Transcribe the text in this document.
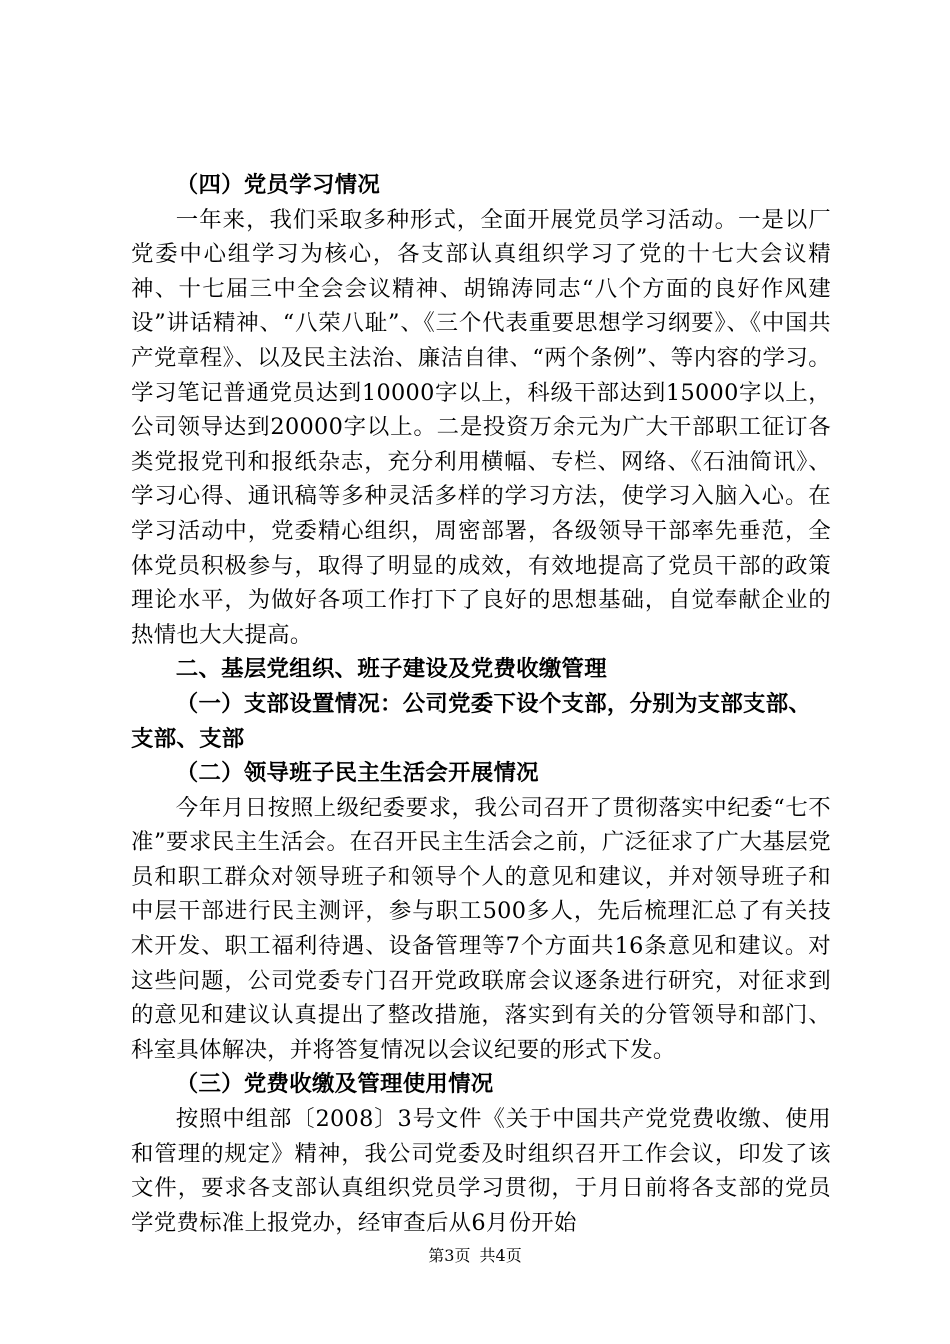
（四）党员学习情况

一年来，我们采取多种形式，全面开展党员学习活动。一是以厂党委中心组学习为核心，各支部认真组织学习了党的十七大会议精神、十七届三中全会会议精神、胡锦涛同志“八个方面的良好作风建设”讲话精神、“八荣八耻”、《三个代表重要思想学习纲要》、《中国共产党章程》、以及民主法治、廉洁自律、“两个条例”、等内容的学习。学习笔记普通党员达到10000字以上，科级干部达到15000字以上，公司领导达到20000字以上。二是投资万余元为广大干部职工征订各类党报党刊和报纸杂志，充分利用横幅、专栏、网络、《石油简讯》、学习心得、通讯稿等多种灵活多样的学习方法，使学习入脑入心。在学习活动中，党委精心组织，周密部署，各级领导干部率先垂范，全体党员积极参与，取得了明显的成效，有效地提高了党员干部的政策理论水平，为做好各项工作打下了良好的思想基础，自觉奉献企业的热情也大大提高。

二、基层党组织、班子建设及党费收缴管理

（一）支部设置情况：公司党委下设个支部，分别为支部支部、支部、支部

（二）领导班子民主生活会开展情况

今年月日按照上级纪委要求，我公司召开了贯彻落实中纪委“七不准”要求民主生活会。在召开民主生活会之前，广泛征求了广大基层党员和职工群众对领导班子和领导个人的意见和建议，并对领导班子和中层干部进行民主测评，参与职工500多人，先后梳理汇总了有关技术开发、职工福利待遇、设备管理等7个方面共16条意见和建议。对这些问题，公司党委专门召开党政联席会议逐条进行研究，对征求到的意见和建议认真提出了整改措施，落实到有关的分管领导和部门、科室具体解决，并将答复情况以会议纪要的形式下发。

（三）党费收缴及管理使用情况

按照中组部〔2008〕3号文件《关于中国共产党党费收缴、使用和管理的规定》精神，我公司党委及时组织召开工作会议，印发了该文件，要求各支部认真组织党员学习贯彻，于月日前将各支部的党员学党费标准上报党办，经审查后从6月份开始

第3页 共4页
